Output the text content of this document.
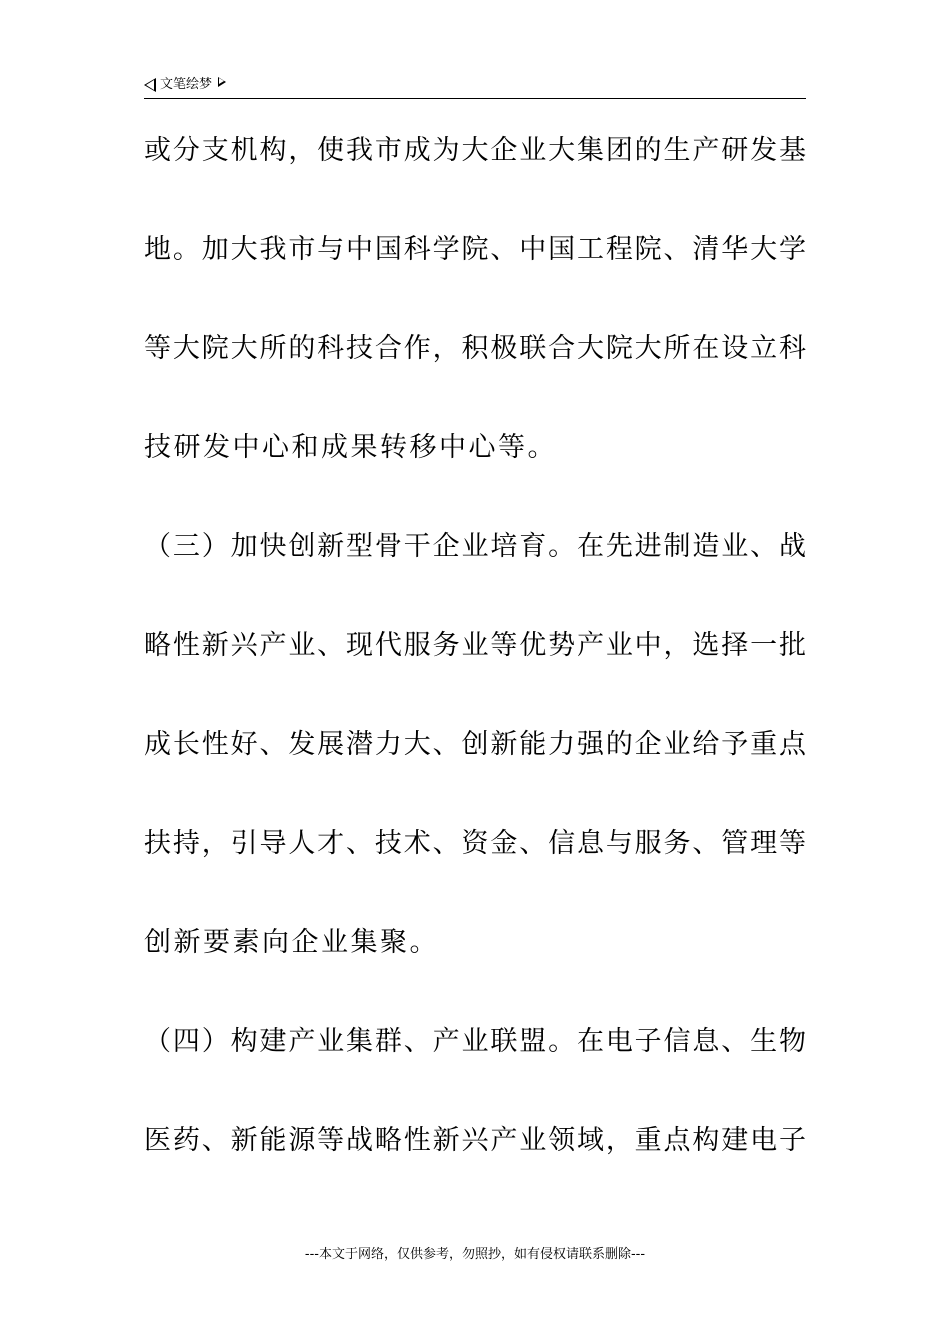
文笔绘梦
或分支机构，使我市成为大企业大集团的生产研发基
地。加大我市与中国科学院、中国工程院、清华大学
等大院大所的科技合作，积极联合大院大所在设立科
技研发中心和成果转移中心等。
（三）加快创新型骨干企业培育。在先进制造业、战
略性新兴产业、现代服务业等优势产业中，选择一批
成长性好、发展潜力大、创新能力强的企业给予重点
扶持，引导人才、技术、资金、信息与服务、管理等
创新要素向企业集聚。
（四）构建产业集群、产业联盟。在电子信息、生物
医药、新能源等战略性新兴产业领域，重点构建电子
---本文于网络，仅供参考，勿照抄，如有侵权请联系删除---
